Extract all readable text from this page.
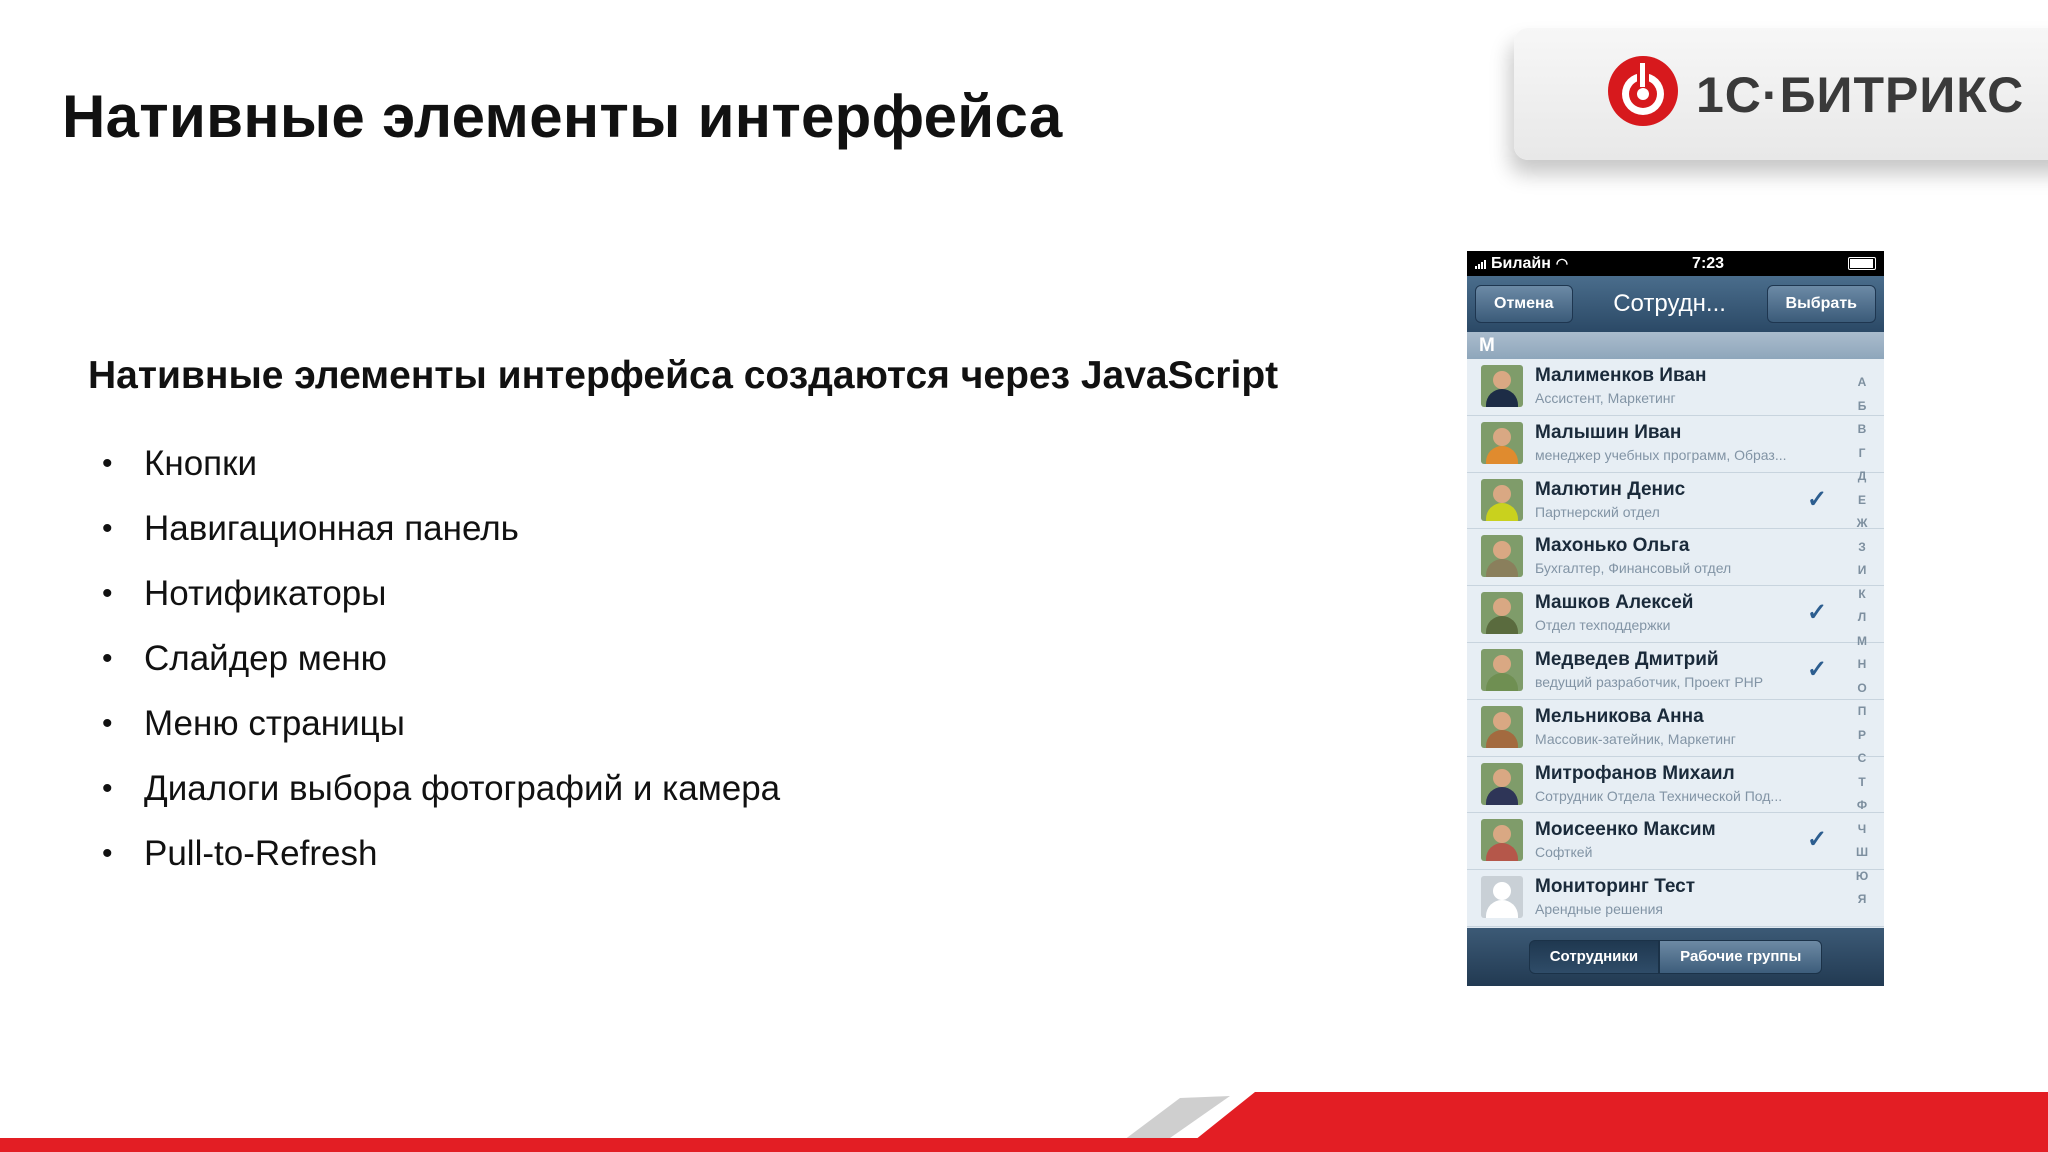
Нативные элементы интерфейса	1С·БИТРИКС
Нативные элементы интерфейса создаются через JavaScript
• Кнопки
• Навигационная панель
• Нотификаторы
• Слайдер меню
• Меню страницы
• Диалоги выбора фотографий и камера
• Pull-to-Refresh
Билайн ◠	7:23
Отмена	Сотрудн...	Выбрать
М
Малименков Иван
Ассистент, Маркетинг
Малышин Иван
менеджер учебных программ, Образ...
Малютин Денис
Партнерский отдел	✓
Махонько Ольга
Бухгалтер, Финансовый отдел
Машков Алексей
Отдел техподдержки	✓
Медведев Дмитрий
ведущий разработчик, Проект PHP ✓
Мельникова Анна
Массовик-затейник, Маркетинг
Митрофанов Михаил
Сотрудник Отдела Технической Под...
Моисеенко Максим
Софткей	✓
Мониторинг Тест
Арендные решения
А
Б
В
Г
Д
Е
Ж
З
И
К
Л
М
Н
О
П
Р
С
Т
Ф
Ч
Ш
Ю
Я
Сотрудники	Рабочие группы
